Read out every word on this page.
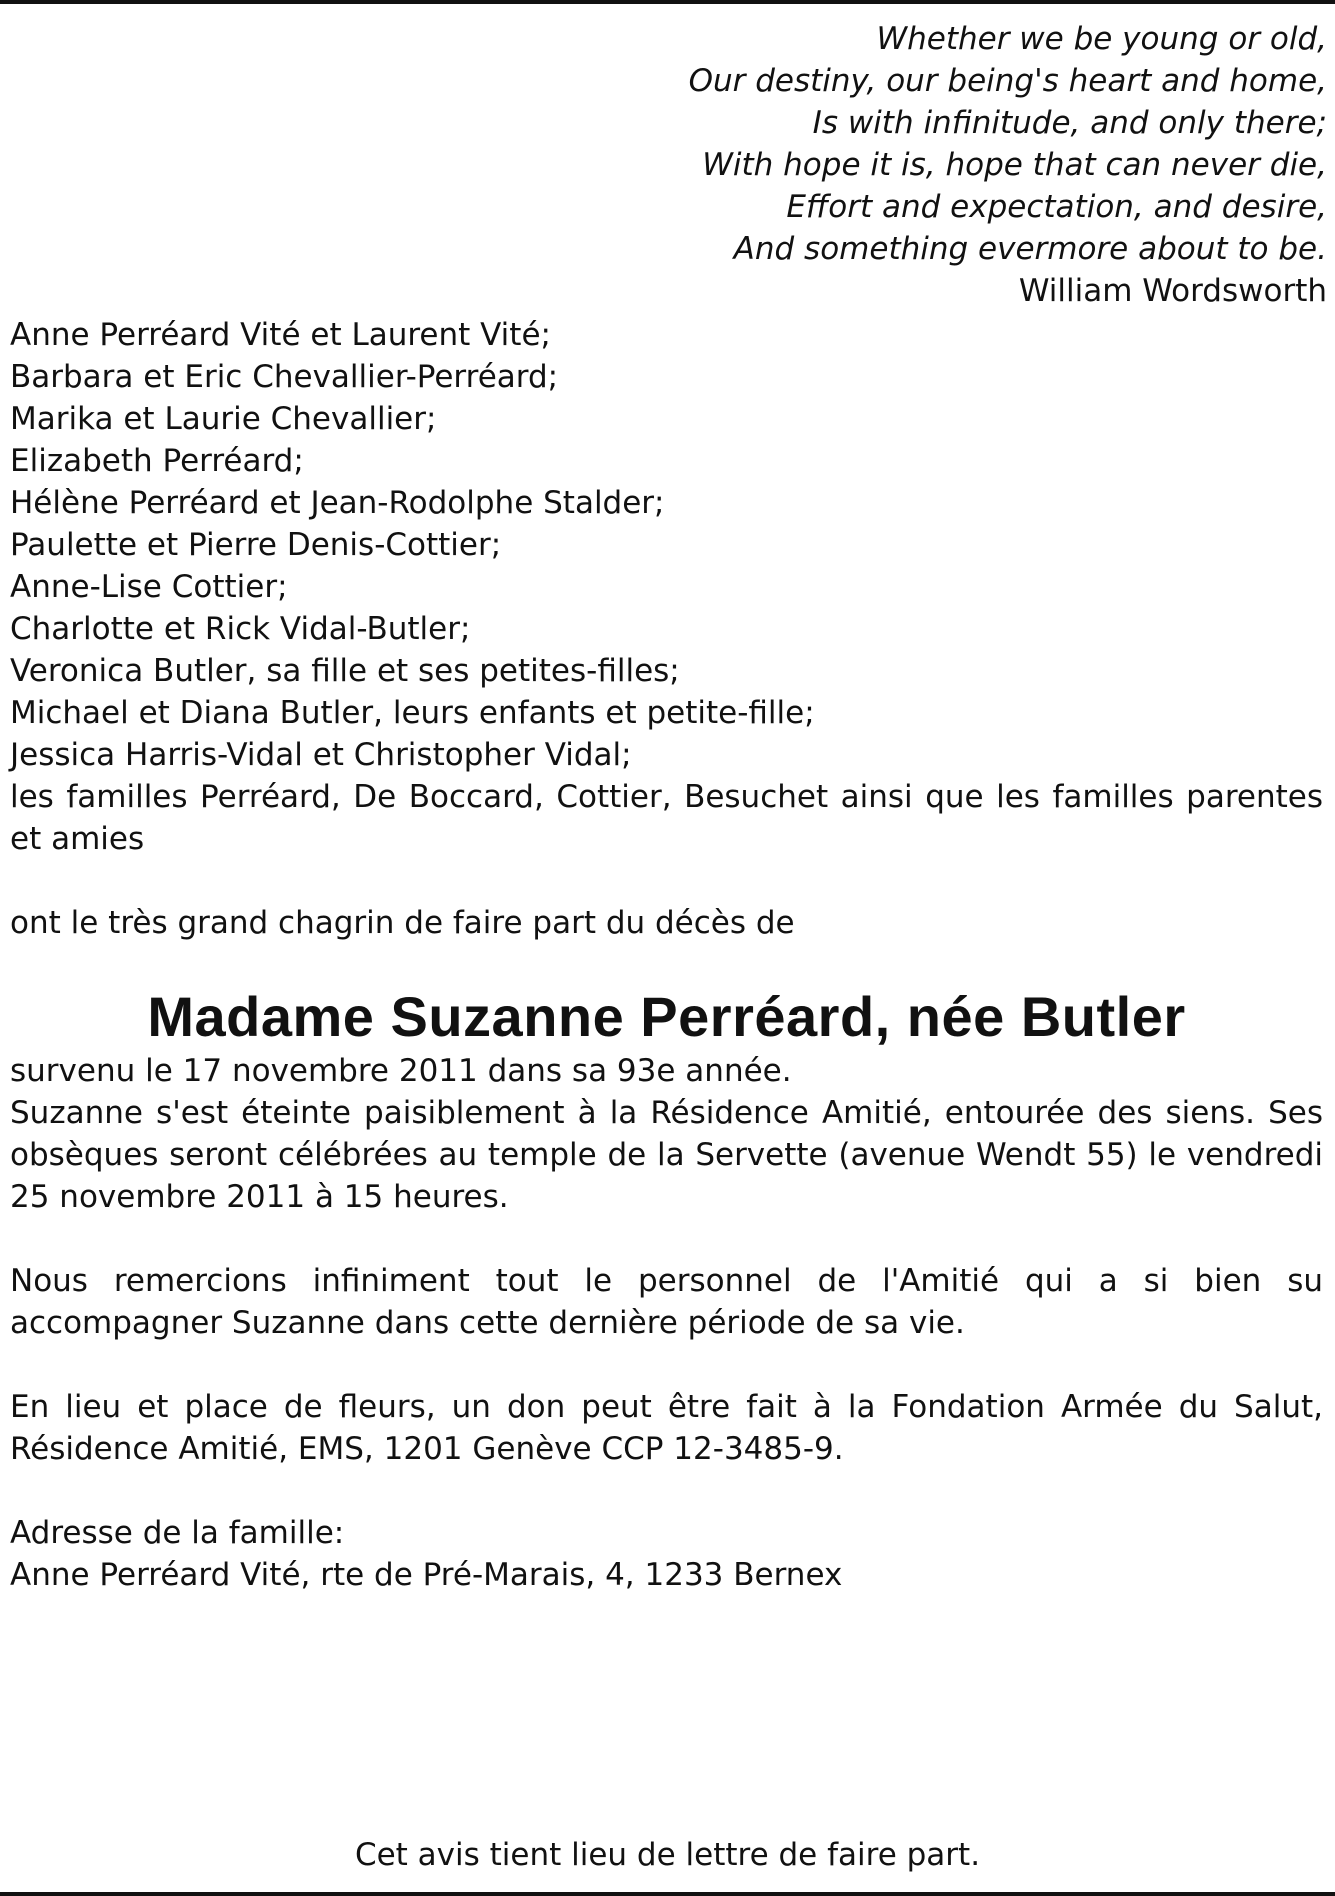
Whether we be young or old,
Our destiny, our being's heart and home,
Is with infinitude, and only there;
With hope it is, hope that can never die,
Effort and expectation, and desire,
And something evermore about to be.
William Wordsworth
Anne Perréard Vité et Laurent Vité;
Barbara et Eric Chevallier-Perréard;
Marika et Laurie Chevallier;
Elizabeth Perréard;
Hélène Perréard et Jean-Rodolphe Stalder;
Paulette et Pierre Denis-Cottier;
Anne-Lise Cottier;
Charlotte et Rick Vidal-Butler;
Veronica Butler, sa fille et ses petites-filles;
Michael et Diana Butler, leurs enfants et petite-fille;
Jessica Harris-Vidal et Christopher Vidal;
les familles Perréard, De Boccard, Cottier, Besuchet ainsi que les familles parentes et amies
ont le très grand chagrin de faire part du décès de
Madame Suzanne Perréard, née Butler
survenu le 17 novembre 2011 dans sa 93e année.
Suzanne s'est éteinte paisiblement à la Résidence Amitié, entourée des siens. Ses obsèques seront célébrées au temple de la Servette (avenue Wendt 55) le vendredi 25 novembre 2011 à 15 heures.
Nous remercions infiniment tout le personnel de l'Amitié qui a si bien su accompagner Suzanne dans cette dernière période de sa vie.
En lieu et place de fleurs, un don peut être fait à la Fondation Armée du Salut, Résidence Amitié, EMS, 1201 Genève CCP 12-3485-9.
Adresse de la famille:
Anne Perréard Vité, rte de Pré-Marais, 4, 1233 Bernex
Cet avis tient lieu de lettre de faire part.
